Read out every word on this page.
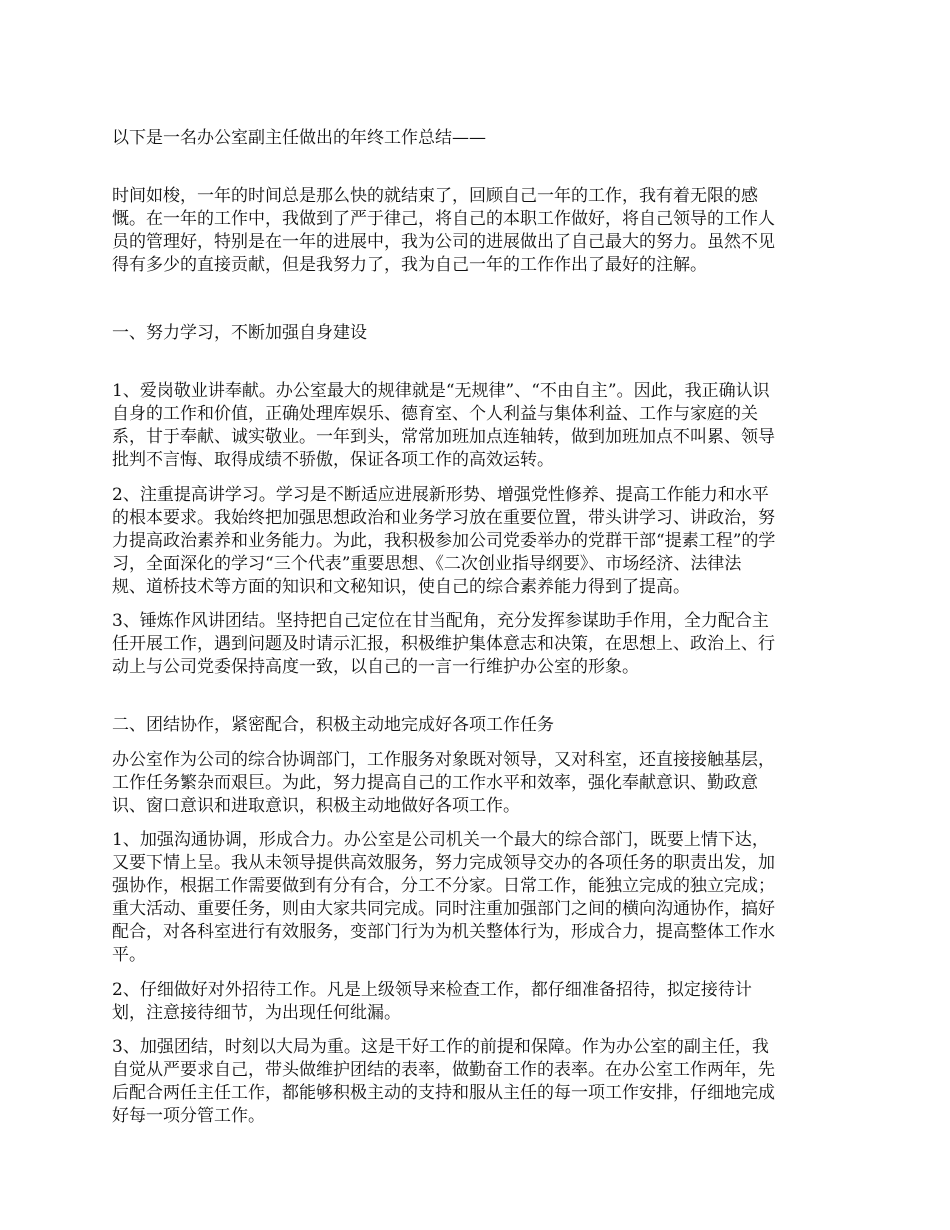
以下是一名办公室副主任做出的年终工作总结——
时间如梭，一年的时间总是那么快的就结束了，回顾自己一年的工作，我有着无限的感
慨。在一年的工作中，我做到了严于律己，将自己的本职工作做好，将自己领导的工作人
员的管理好，特别是在一年的进展中，我为公司的进展做出了自己最大的努力。虽然不见
得有多少的直接贡献，但是我努力了，我为自己一年的工作作出了最好的注解。
一、努力学习，不断加强自身建设
1、爱岗敬业讲奉献。办公室最大的规律就是“无规律”、“不由自主”。因此，我正确认识
自身的工作和价值，正确处理库娱乐、德育室、个人利益与集体利益、工作与家庭的关
系，甘于奉献、诚实敬业。一年到头，常常加班加点连轴转，做到加班加点不叫累、领导
批判不言悔、取得成绩不骄傲，保证各项工作的高效运转。
2、注重提高讲学习。学习是不断适应进展新形势、增强党性修养、提高工作能力和水平
的根本要求。我始终把加强思想政治和业务学习放在重要位置，带头讲学习、讲政治，努
力提高政治素养和业务能力。为此，我积极参加公司党委举办的党群干部“提素工程”的学
习，全面深化的学习“三个代表”重要思想、《二次创业指导纲要》、市场经济、法律法
规、道桥技术等方面的知识和文秘知识，使自己的综合素养能力得到了提高。
3、锤炼作风讲团结。坚持把自己定位在甘当配角，充分发挥参谋助手作用，全力配合主
任开展工作，遇到问题及时请示汇报，积极维护集体意志和决策，在思想上、政治上、行
动上与公司党委保持高度一致，以自己的一言一行维护办公室的形象。
二、团结协作，紧密配合，积极主动地完成好各项工作任务
办公室作为公司的综合协调部门，工作服务对象既对领导，又对科室，还直接接触基层，
工作任务繁杂而艰巨。为此，努力提高自己的工作水平和效率，强化奉献意识、勤政意
识、窗口意识和进取意识，积极主动地做好各项工作。
1、加强沟通协调，形成合力。办公室是公司机关一个最大的综合部门，既要上情下达，
又要下情上呈。我从未领导提供高效服务，努力完成领导交办的各项任务的职责出发，加
强协作，根据工作需要做到有分有合，分工不分家。日常工作，能独立完成的独立完成；
重大活动、重要任务，则由大家共同完成。同时注重加强部门之间的横向沟通协作，搞好
配合，对各科室进行有效服务，变部门行为为机关整体行为，形成合力，提高整体工作水
平。
2、仔细做好对外招待工作。凡是上级领导来检查工作，都仔细准备招待，拟定接待计
划，注意接待细节，为出现任何纰漏。
3、加强团结，时刻以大局为重。这是干好工作的前提和保障。作为办公室的副主任，我
自觉从严要求自己，带头做维护团结的表率，做勤奋工作的表率。在办公室工作两年，先
后配合两任主任工作，都能够积极主动的支持和服从主任的每一项工作安排，仔细地完成
好每一项分管工作。
